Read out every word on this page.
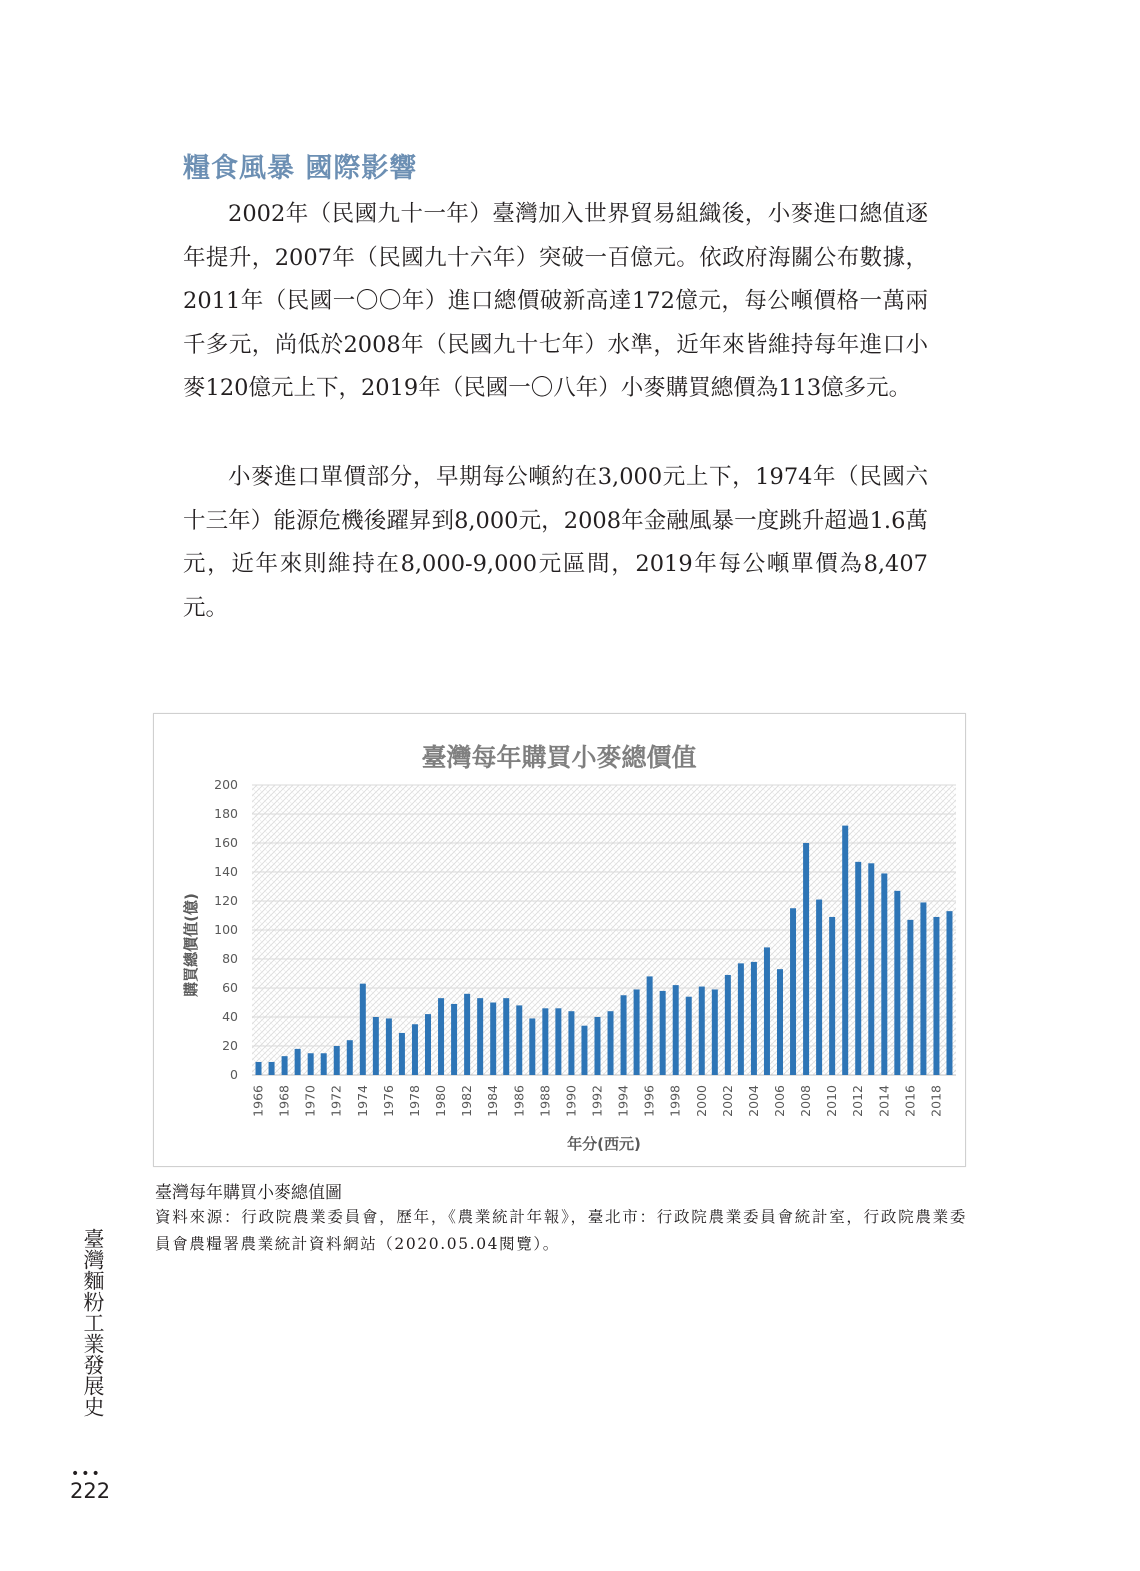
糧食風暴 國際影響

2002年（民國九十一年）臺灣加入世界貿易組織後，小麥進口總值逐年提升，2007年（民國九十六年）突破一百億元。依政府海關公布數據，2011年（民國一〇〇年）進口總價破新高達172億元，每公噸價格一萬兩千多元，尚低於2008年（民國九十七年）水準，近年來皆維持每年進口小麥120億元上下，2019年（民國一〇八年）小麥購買總價為113億多元。

小麥進口單價部分，早期每公噸約在3,000元上下，1974年（民國六十三年）能源危機後躍昇到8,000元，2008年金融風暴一度跳升超過1.6萬元，近年來則維持在8,000-9,000元區間，2019年每公噸單價為8,407元。

臺灣每年購買小麥總價值
0
20
40
60
80
100
120
140
160
180
200
1966 1968 1970 1972 1974 1976 1978 1980 1982 1984 1986 1988 1990 1992 1994 1996 1998 2000 2002 2004 2006 2008 2010 2012 2014 2016 2018
年分(西元)
購買總價值(億)
臺灣每年購買小麥總值圖
資料來源：行政院農業委員會，歷年，《農業統計年報》，臺北市：行政院農業委員會統計室，行政院農業委員會農糧署農業統計資料網站（2020.05.04閱覽）。
臺灣麵粉工業發展史
•••
222
